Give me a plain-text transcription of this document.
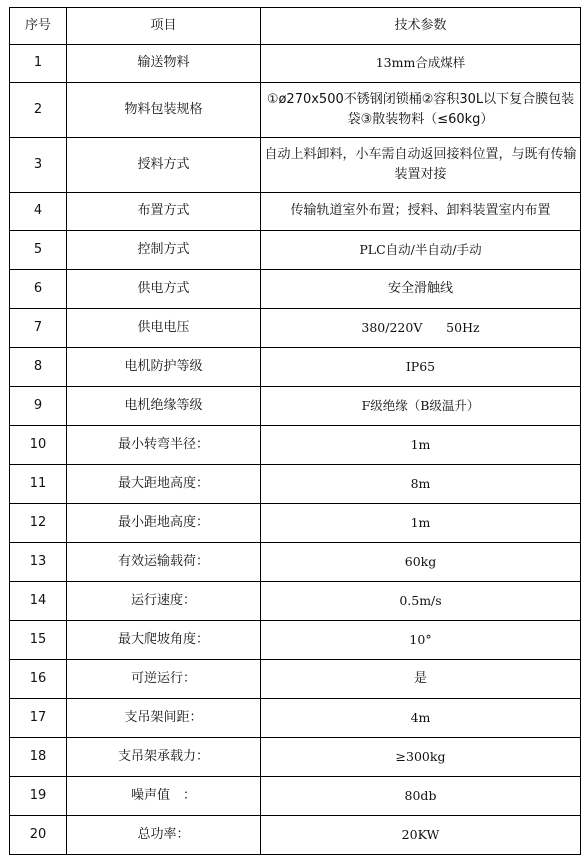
序号	项目	技术参数
1	输送物料	13mm合成煤样
2	物料包装规格	①ø270x500不锈钢闭锁桶②容积30L以下复合膜包装袋③散装物料（≤60kg）
3	授料方式	自动上料卸料，小车需自动返回接料位置，与既有传输装置对接
4	布置方式	传输轨道室外布置；授料、卸料装置室内布置
5	控制方式	PLC自动/半自动/手动
6	供电方式	安全滑触线
7	供电电压	380/220V      50Hz
8	电机防护等级	IP65
9	电机绝缘等级	F级绝缘（B级温升）
10	最小转弯半径：	1m
11	最大距地高度：	8m
12	最小距地高度：	1m
13	有效运输载荷：	60kg
14	运行速度：	0.5m/s
15	最大爬坡角度：	10°
16	可逆运行：	是
17	支吊架间距：	4m
18	支吊架承载力：	≥300kg
19	噪声值　：	80db
20	总功率：	20KW
